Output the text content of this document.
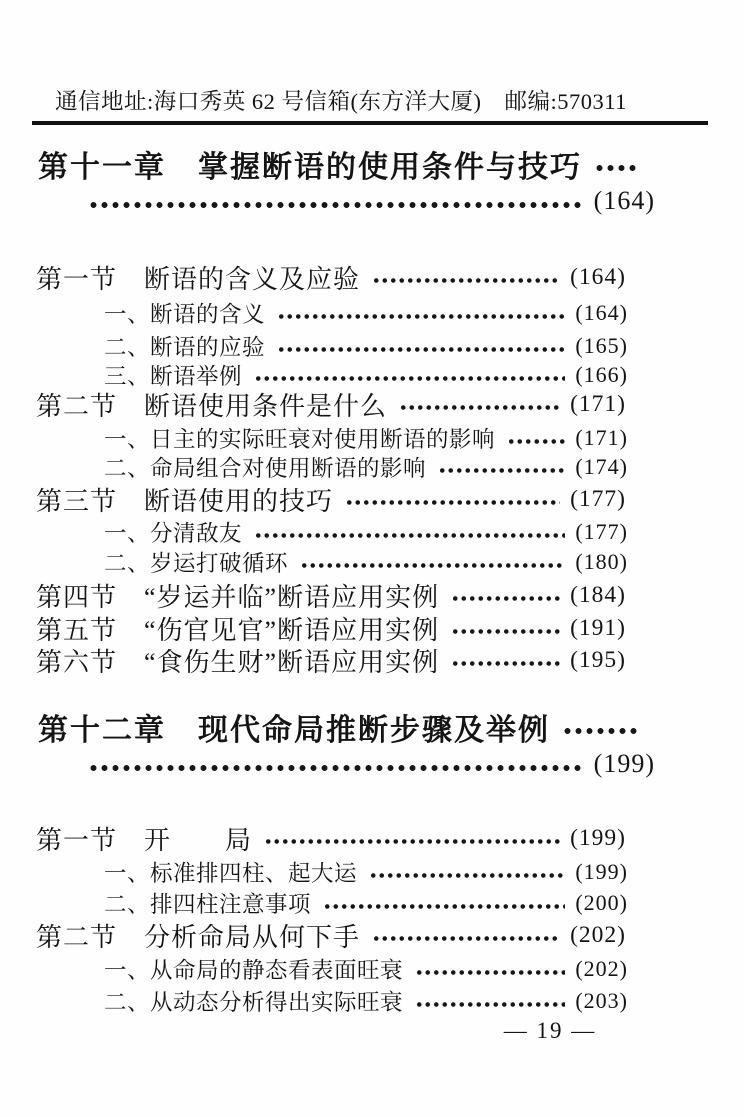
通信地址:海口秀英 62 号信箱(东方洋大厦)　邮编:570311
第十一章　掌握断语的使用条件与技巧
(164)
第一节　断语的含义及应验	(164)
一、断语的含义	(164)
二、断语的应验	(165)
三、断语举例	(166)
第二节　断语使用条件是什么	(171)
一、日主的实际旺衰对使用断语的影响	(171)
二、命局组合对使用断语的影响	(174)
第三节　断语使用的技巧	(177)
一、分清敌友	(177)
二、岁运打破循环	(180)
第四节　“岁运并临”断语应用实例	(184)
第五节　“伤官见官”断语应用实例	(191)
第六节　“食伤生财”断语应用实例	(195)
第十二章　现代命局推断步骤及举例
(199)
第一节　开　　局	(199)
一、标准排四柱、起大运	(199)
二、排四柱注意事项	(200)
第二节　分析命局从何下手	(202)
一、从命局的静态看表面旺衰	(202)
二、从动态分析得出实际旺衰	(203)
— 19 —
